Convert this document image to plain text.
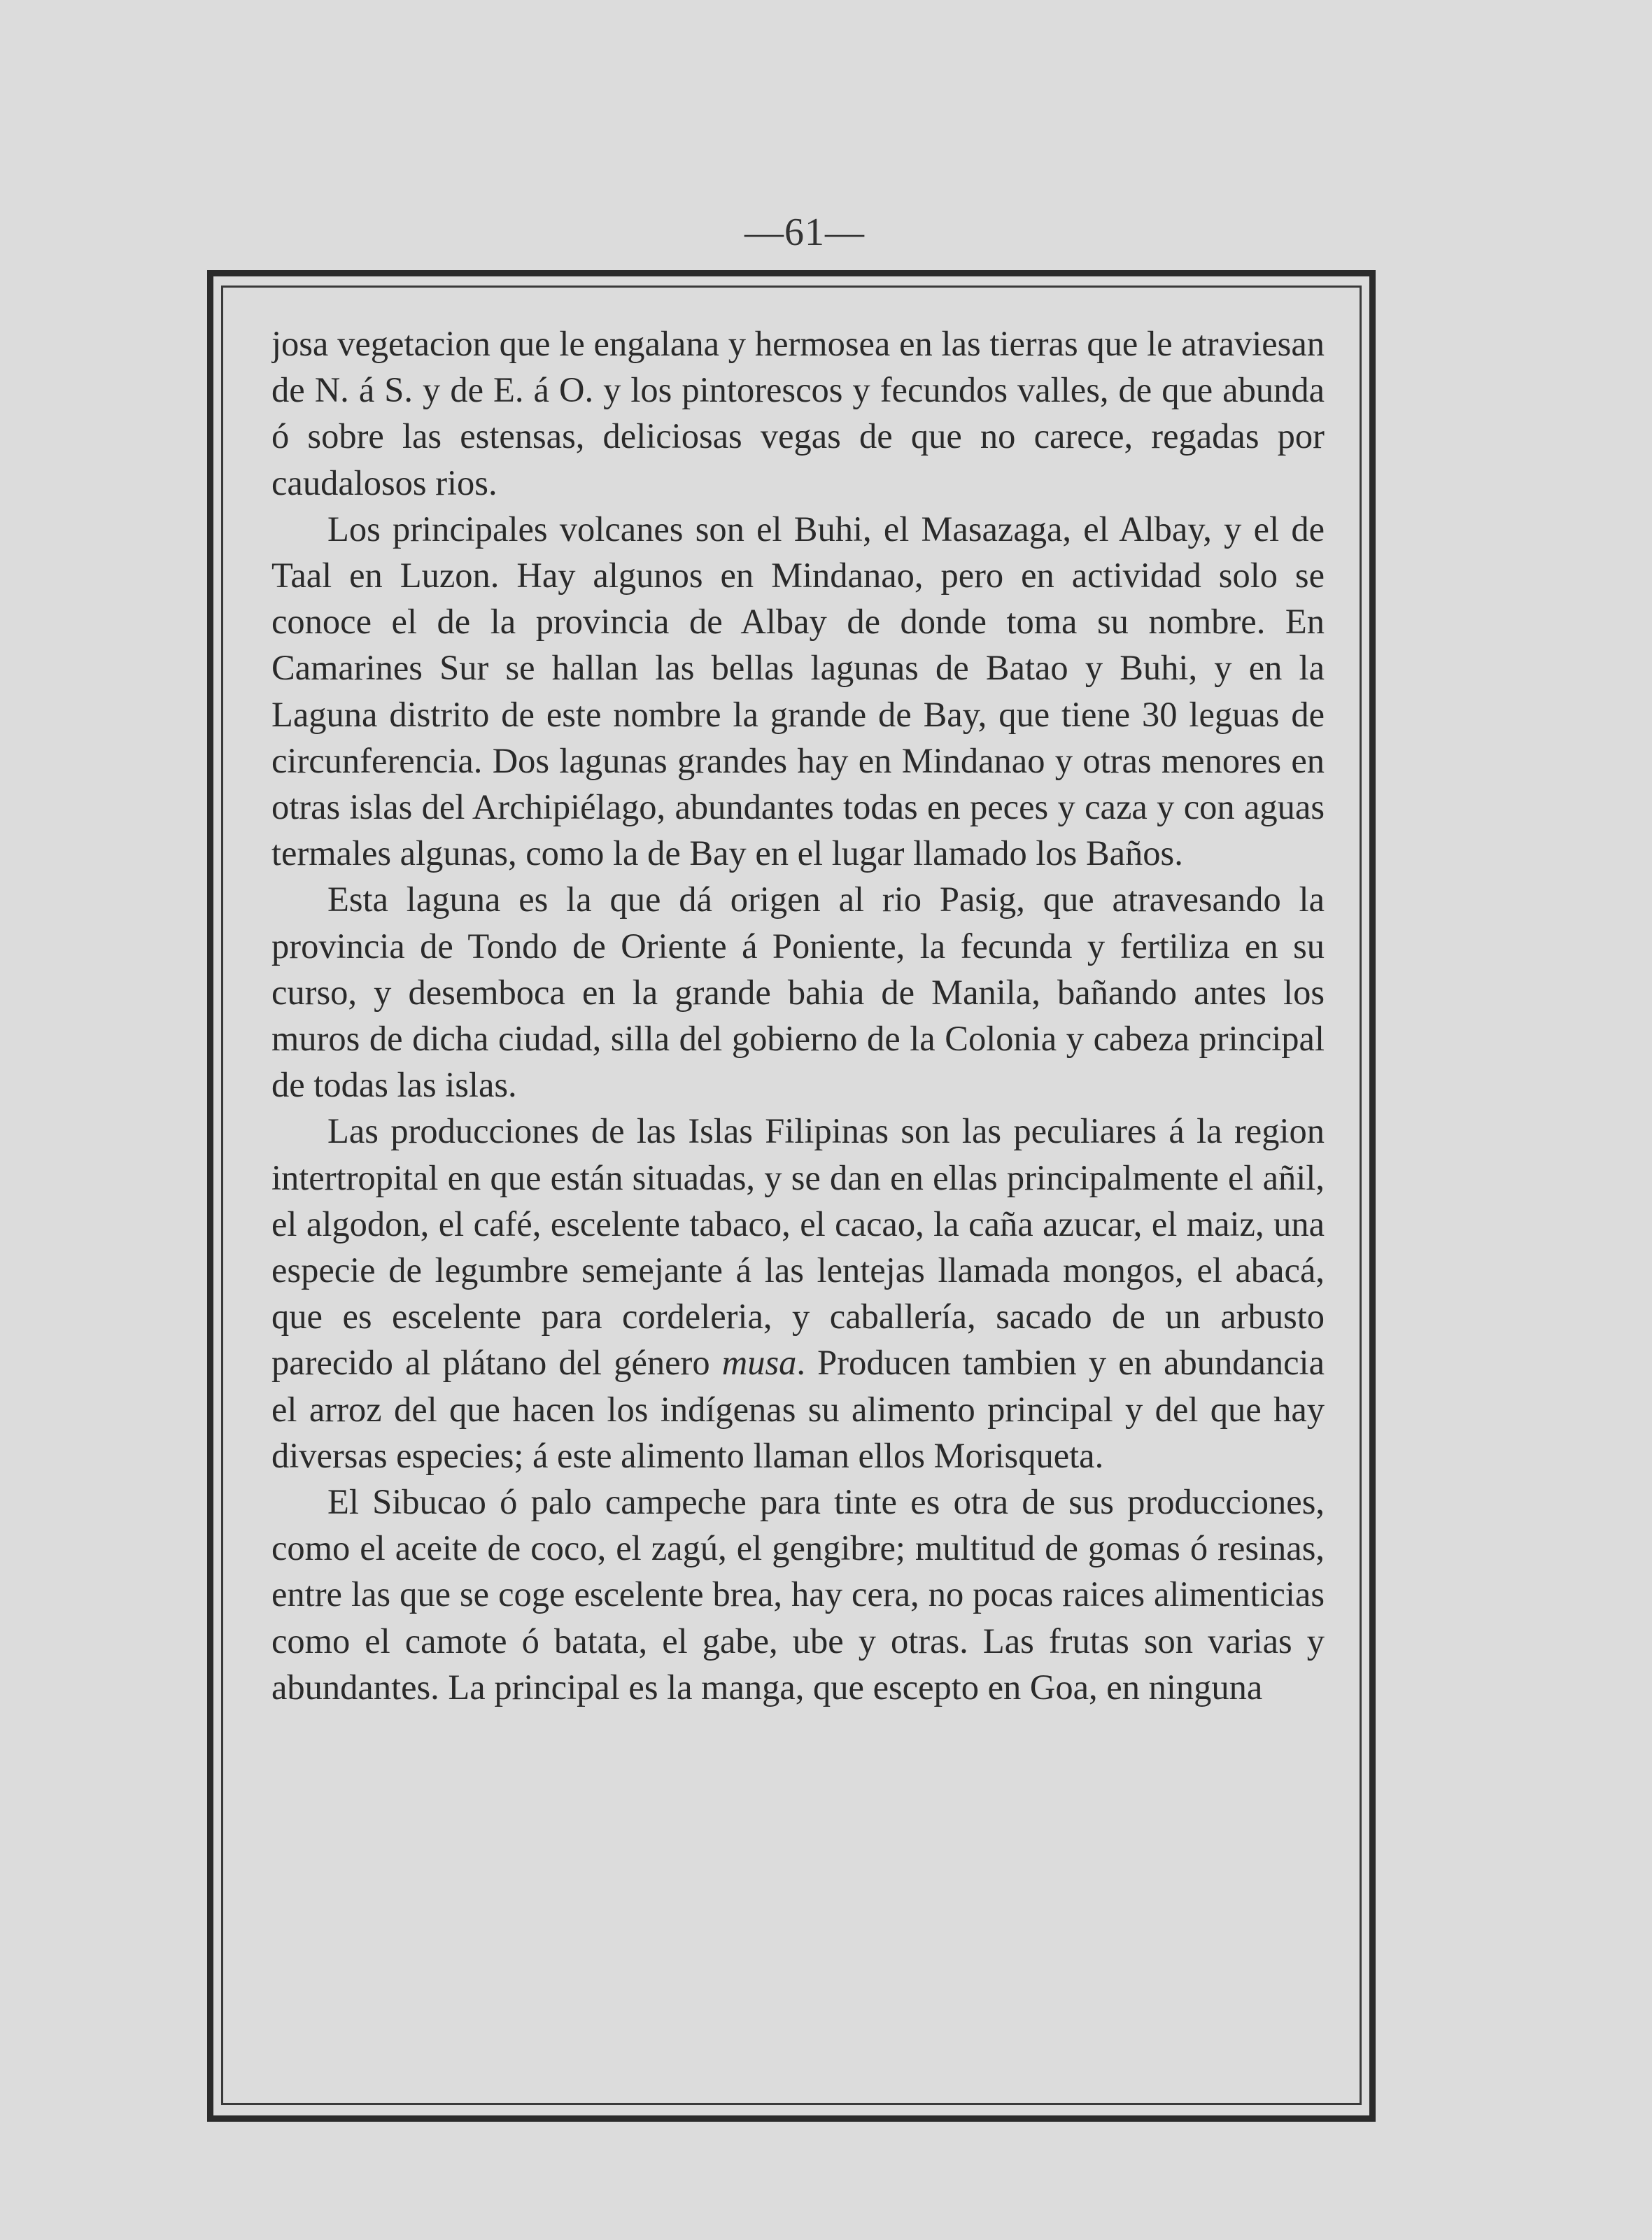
—61—

josa vegetacion que le engalana y hermosea en las tierras que le atraviesan de N. á S. y de E. á O. y los pintorescos y fecundos valles, de que abunda ó sobre las estensas, deliciosas vegas de que no carece, regadas por caudalosos rios.

Los principales volcanes son el Buhi, el Masazaga, el Albay, y el de Taal en Luzon. Hay algunos en Mindanao, pero en actividad solo se conoce el de la provincia de Albay de donde toma su nombre. En Camarines Sur se hallan las bellas lagunas de Batao y Buhi, y en la Laguna distrito de este nombre la grande de Bay, que tiene 30 leguas de circunferencia. Dos lagunas grandes hay en Mindanao y otras menores en otras islas del Archipiélago, abundantes todas en peces y caza y con aguas termales algunas, como la de Bay en el lugar llamado los Baños.

Esta laguna es la que dá origen al rio Pasig, que atravesando la provincia de Tondo de Oriente á Poniente, la fecunda y fertiliza en su curso, y desemboca en la grande bahia de Manila, bañando antes los muros de dicha ciudad, silla del gobierno de la Colonia y cabeza principal de todas las islas.

Las producciones de las Islas Filipinas son las peculiares á la region intertropital en que están situadas, y se dan en ellas principalmente el añil, el algodon, el café, escelente tabaco, el cacao, la caña azucar, el maiz, una especie de legumbre semejante á las lentejas llamada mongos, el abacá, que es escelente para cordeleria, y caballería, sacado de un arbusto parecido al plátano del género musa. Producen tambien y en abundancia el arroz del que hacen los indígenas su alimento principal y del que hay diversas especies; á este alimento llaman ellos Morisqueta.

El Sibucao ó palo campeche para tinte es otra de sus producciones, como el aceite de coco, el zagú, el gengibre; multitud de gomas ó resinas, entre las que se coge escelente brea, hay cera, no pocas raices alimenticias como el camote ó batata, el gabe, ube y otras. Las frutas son varias y abundantes. La principal es la manga, que escepto en Goa, en ninguna
